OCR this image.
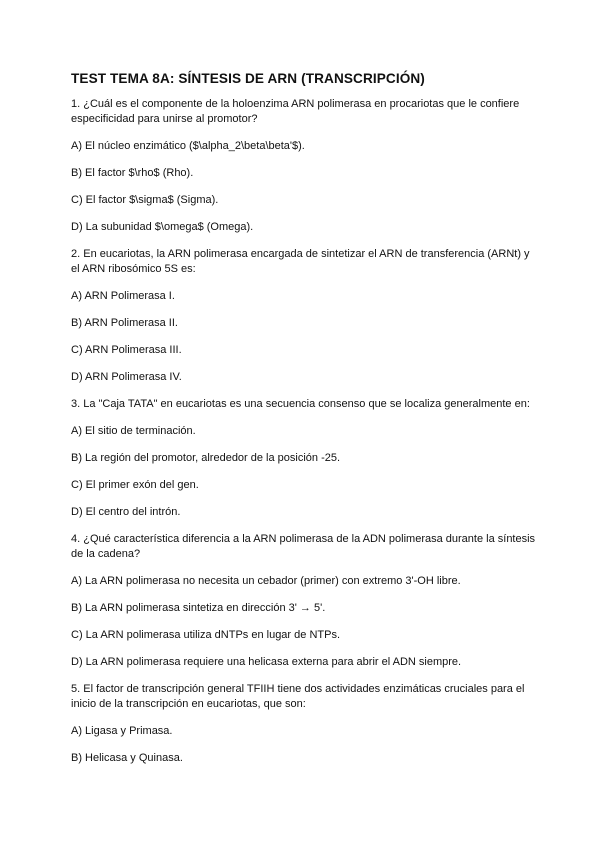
TEST TEMA 8A: SÍNTESIS DE ARN (TRANSCRIPCIÓN)
1. ¿Cuál es el componente de la holoenzima ARN polimerasa en procariotas que le confiere especificidad para unirse al promotor?
A) El núcleo enzimático ($\alpha_2\beta\beta'$).
B) El factor $\rho$ (Rho).
C) El factor $\sigma$ (Sigma).
D) La subunidad $\omega$ (Omega).
2. En eucariotas, la ARN polimerasa encargada de sintetizar el ARN de transferencia (ARNt) y el ARN ribosómico 5S es:
A) ARN Polimerasa I.
B) ARN Polimerasa II.
C) ARN Polimerasa III.
D) ARN Polimerasa IV.
3. La "Caja TATA" en eucariotas es una secuencia consenso que se localiza generalmente en:
A) El sitio de terminación.
B) La región del promotor, alrededor de la posición -25.
C) El primer exón del gen.
D) El centro del intrón.
4. ¿Qué característica diferencia a la ARN polimerasa de la ADN polimerasa durante la síntesis de la cadena?
A) La ARN polimerasa no necesita un cebador (primer) con extremo 3'-OH libre.
B) La ARN polimerasa sintetiza en dirección 3' → 5'.
C) La ARN polimerasa utiliza dNTPs en lugar de NTPs.
D) La ARN polimerasa requiere una helicasa externa para abrir el ADN siempre.
5. El factor de transcripción general TFIIH tiene dos actividades enzimáticas cruciales para el inicio de la transcripción en eucariotas, que son:
A) Ligasa y Primasa.
B) Helicasa y Quinasa.
